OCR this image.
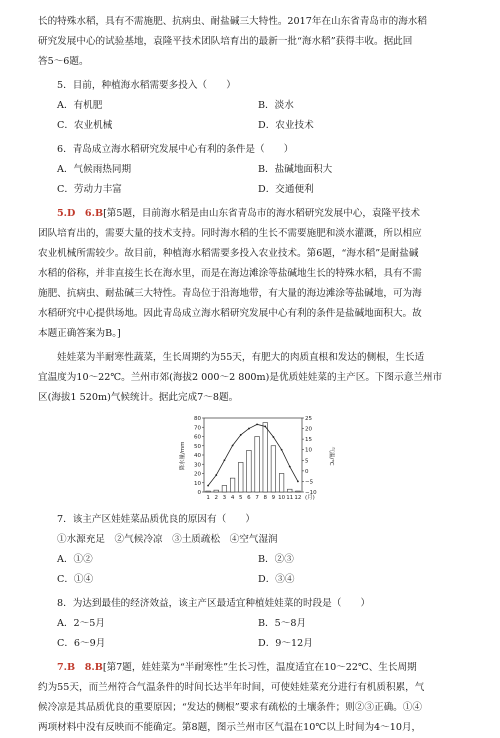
长的特殊水稻，具有不需施肥、抗病虫、耐盐碱三大特性。2017年在山东省青岛市的海水稻
研究发展中心的试验基地，袁隆平技术团队培育出的最新一批“海水稻”获得丰收。据此回
答5～6题。
5．目前，种植海水稻需要多投入（　　）
A．有机肥	B．淡水
C．农业机械	D．农业技术
6．青岛成立海水稻研究发展中心有利的条件是（　　）
A．气候雨热同期	B．盐碱地面积大
C．劳动力丰富	D．交通便利
5.D　6.B[第5题，目前海水稻是由山东省青岛市的海水稻研究发展中心，袁隆平技术
团队培育出的，需要大量的技术支持。同时海水稻的生长不需要施肥和淡水灌溉，所以相应
农业机械所需较少。故目前，种植海水稻需要多投入农业技术。第6题，“海水稻”是耐盐碱
水稻的俗称，并非直接生长在海水里，而是在海边滩涂等盐碱地生长的特殊水稻，具有不需
施肥、抗病虫、耐盐碱三大特性。青岛位于沿海地带，有大量的海边滩涂等盐碱地，可为海
水稻研究中心提供场地。因此青岛成立海水稻研究发展中心有利的条件是盐碱地面积大。故
本题正确答案为B。]
娃娃菜为半耐寒性蔬菜，生长周期约为55天，有肥大的肉质直根和发达的侧根，生长适
宜温度为10～22℃。兰州市郊(海拔2 000～2 800m)是优质娃娃菜的主产区。下图示意兰州市
区(海拔1 520m)气候统计。据此完成7～8题。
80
70
60
50
40
30
20
10
0
25
20
15
10
5
0
−5
−10
降水量/mm	气温/℃
1 2 3 4 5 6 7 8 9 10 11 12 (月)
7．该主产区娃娃菜品质优良的原因有（　　）
①水源充足　②气候冷凉　③土质疏松　④空气湿润
A．①②	B．②③
C．①④	D．③④
8．为达到最佳的经济效益，该主产区最适宜种植娃娃菜的时段是（　　）
A．2～5月	B．5～8月
C．6～9月	D．9～12月
7.B　8.B[第7题，娃娃菜为“半耐寒性”生长习性，温度适宜在10～22℃、生长周期
约为55天，而兰州符合气温条件的时间长达半年时间，可使娃娃菜充分进行有机质积累，气
候冷凉是其品质优良的重要原因；“发达的侧根”要求有疏松的土壤条件；则②③正确。①④
两项材料中没有反映而不能确定。第8题，图示兰州市区气温在10℃以上时间为4～10月，
